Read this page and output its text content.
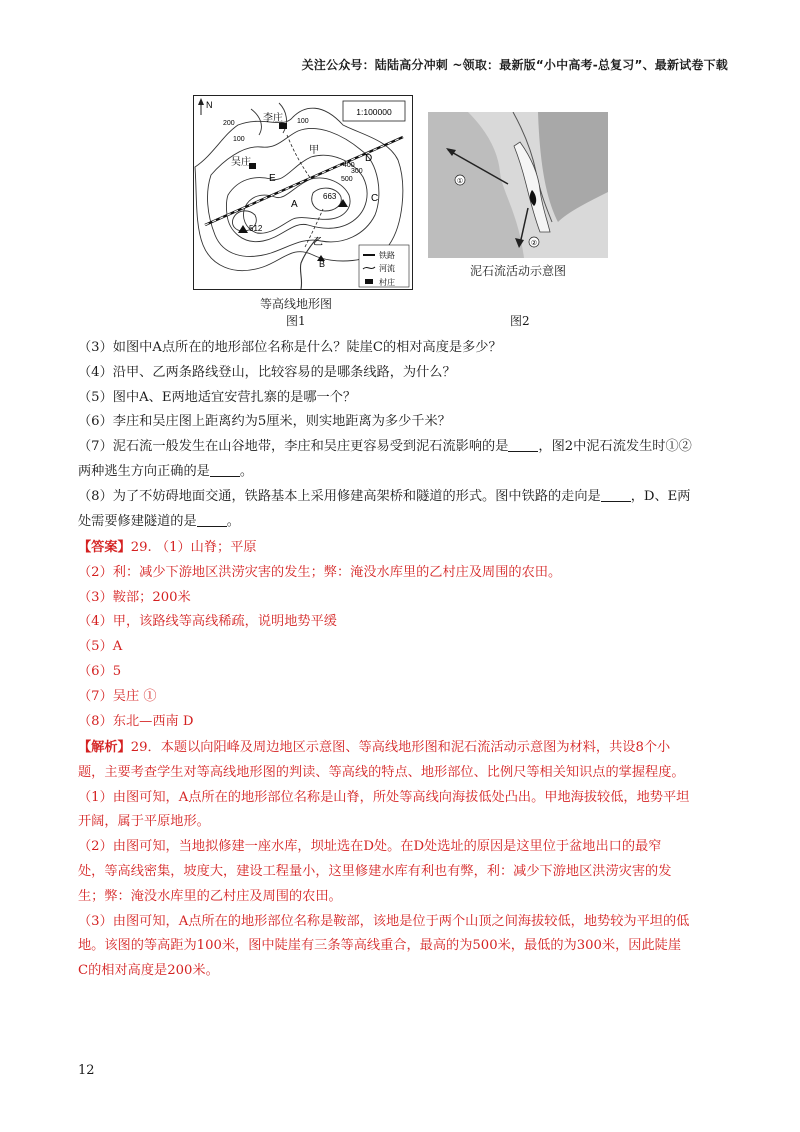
关注公众号：陆陆高分冲刺 ~领取：最新版“小中高考-总复习”、最新试卷下载
N
1:100000
李庄
吴庄
甲
乙
A
B
C
D
E
663
512
200
100
100
400
500
300
铁路
河流
村庄
等高线地形图
图1
①
②
泥石流活动示意图
图2
（3）如图中A点所在的地形部位名称是什么？陡崖C的相对高度是多少？
（4）沿甲、乙两条路线登山，比较容易的是哪条线路，为什么？
（5）图中A、E两地适宜安营扎寨的是哪一个？
（6）李庄和吴庄图上距离约为5厘米，则实地距离为多少千米？
（7）泥石流一般发生在山谷地带，李庄和吴庄更容易受到泥石流影响的是 ，图2中泥石流发生时①②
两种逃生方向正确的是 。
（8）为了不妨碍地面交通，铁路基本上采用修建高架桥和隧道的形式。图中铁路的走向是 ，D、E两
处需要修建隧道的是 。
【答案】29. （1）山脊；平原
（2）利：减少下游地区洪涝灾害的发生；弊：淹没水库里的乙村庄及周围的农田。
（3）鞍部；200米
（4）甲，该路线等高线稀疏，说明地势平缓
（5）A
（6）5
（7）吴庄 ①
（8）东北—西南 D
【解析】29．本题以向阳峰及周边地区示意图、等高线地形图和泥石流活动示意图为材料，共设8个小
题，主要考查学生对等高线地形图的判读、等高线的特点、地形部位、比例尺等相关知识点的掌握程度。
（1）由图可知，A点所在的地形部位名称是山脊，所处等高线向海拔低处凸出。甲地海拔较低，地势平坦
开阔，属于平原地形。
（2）由图可知，当地拟修建一座水库，坝址选在D处。在D处选址的原因是这里位于盆地出口的最窄
处，等高线密集，坡度大，建设工程量小，这里修建水库有利也有弊，利：减少下游地区洪涝灾害的发
生；弊：淹没水库里的乙村庄及周围的农田。
（3）由图可知，A点所在的地形部位名称是鞍部，该地是位于两个山顶之间海拔较低，地势较为平坦的低
地。该图的等高距为100米，图中陡崖有三条等高线重合，最高的为500米，最低的为300米，因此陡崖
C的相对高度是200米。
12
